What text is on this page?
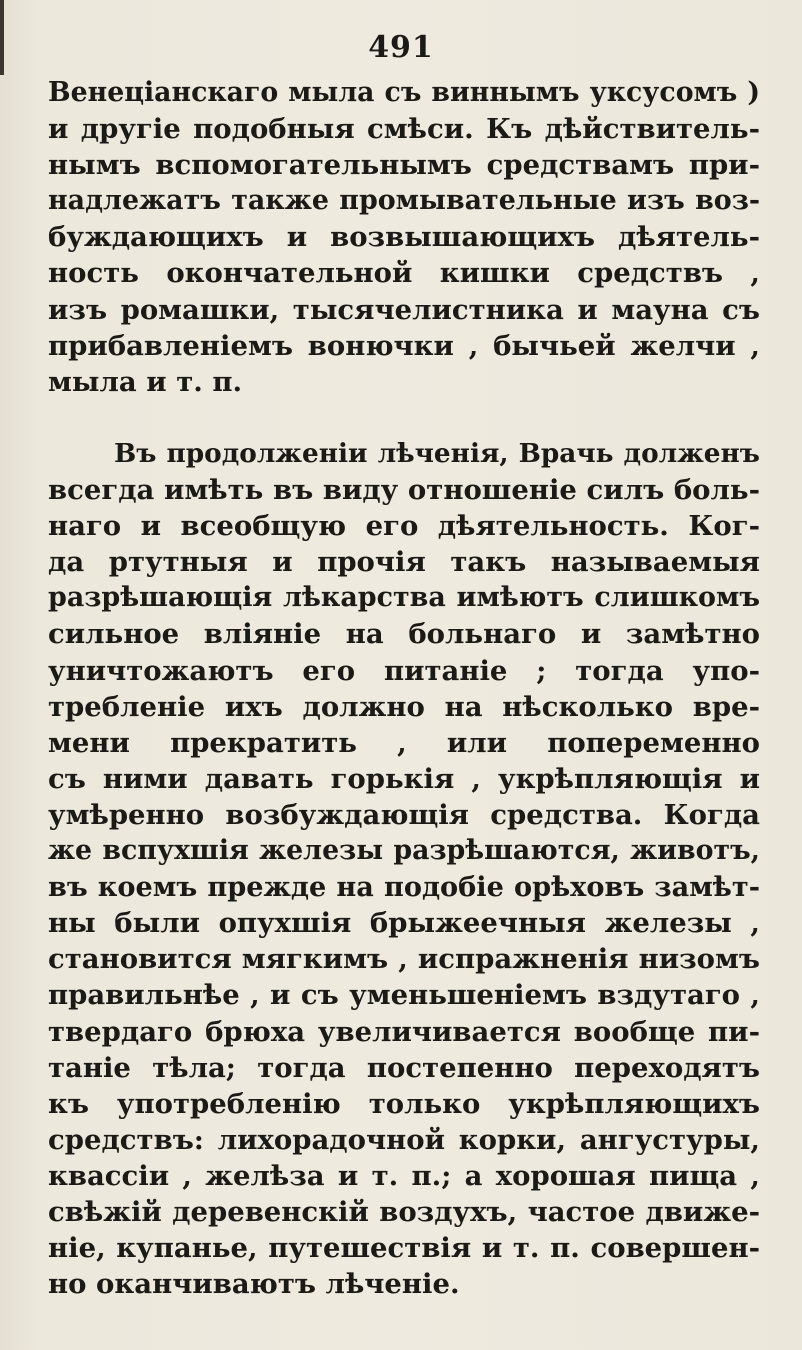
491
Венеціанскаго мыла съ виннымъ уксусомъ )
и другіе подобныя смѣси. Къ дѣйствитель-
нымъ вспомогательнымъ средствамъ при-
надлежатъ также промывательные изъ воз-
буждающихъ и возвышающихъ дѣятель-
ность окончательной кишки средствъ ,
изъ ромашки, тысячелистника и мауна съ
прибавленіемъ вонючки , бычьей желчи ,
мыла и т. п.
Въ продолженіи лѣченія, Врачь долженъ
всегда имѣть въ виду отношеніе силъ боль-
наго и всеобщую его дѣятельность. Ког-
да ртутныя и прочія такъ называемыя
разрѣшающія лѣкарства имѣютъ слишкомъ
сильное вліяніе на больнаго и замѣтно
уничтожаютъ его питаніе ; тогда упо-
требленіе ихъ должно на нѣсколько вре-
мени прекратить , или попеременно
съ ними давать горькія , укрѣпляющія и
умѣренно возбуждающія средства. Когда
же вспухшія железы разрѣшаются, животъ,
въ коемъ прежде на подобіе орѣховъ замѣт-
ны были опухшія брыжеечныя железы ,
становится мягкимъ , испражненія низомъ
правильнѣе , и съ уменьшеніемъ вздутаго ,
твердаго брюха увеличивается вообще пи-
таніе тѣла; тогда постепенно переходятъ
къ употребленію только укрѣпляющихъ
средствъ: лихорадочной корки, ангустуры,
квассіи , желѣза и т. п.; а хорошая пища ,
свѣжій деревенскій воздухъ, частое движе-
ніе, купанье, путешествія и т. п. совершен-
но оканчиваютъ лѣченіе.
